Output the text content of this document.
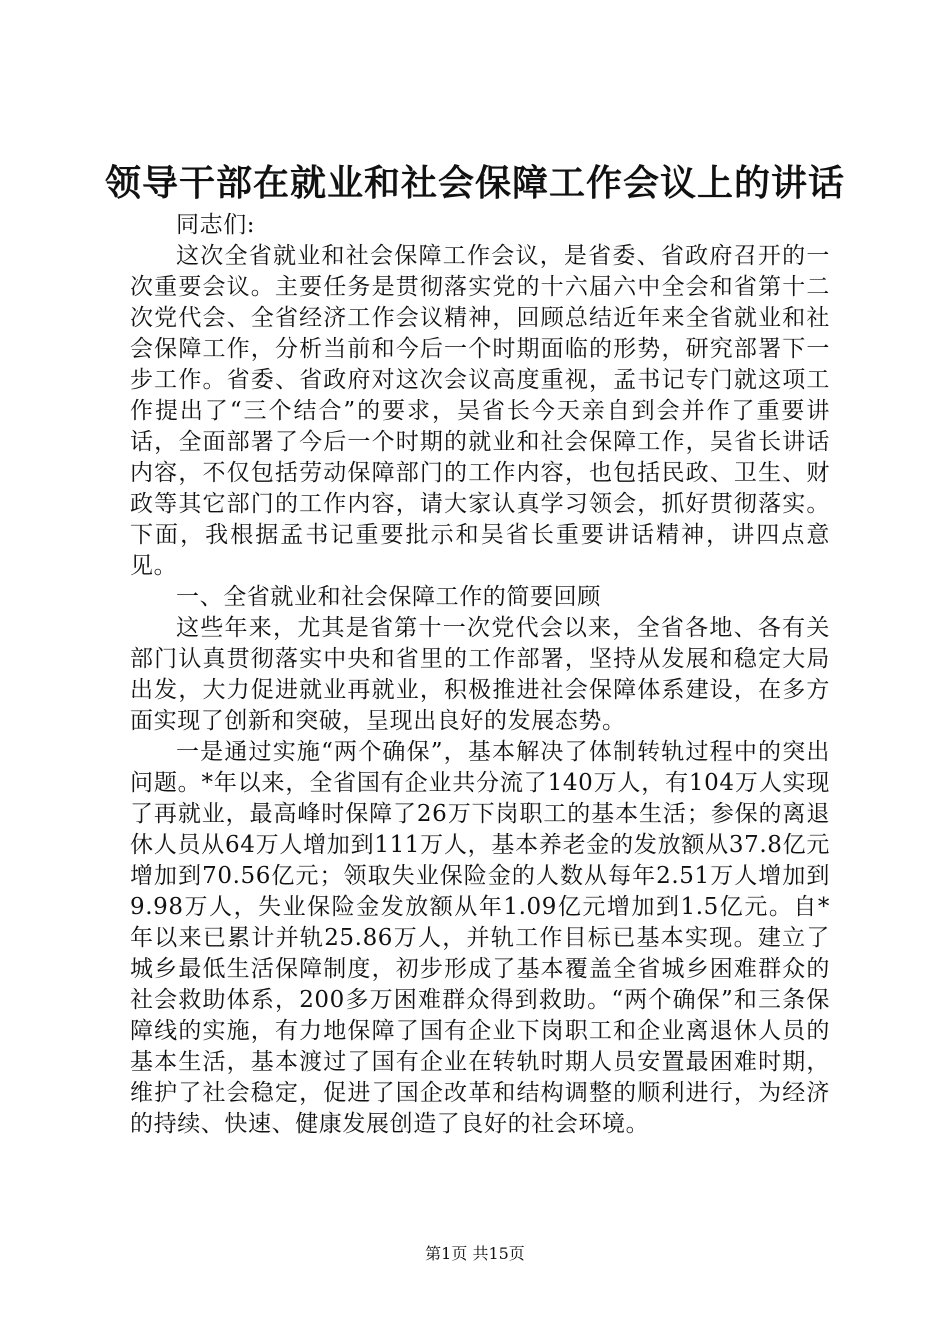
领导干部在就业和社会保障工作会议上的讲话

同志们:

这次全省就业和社会保障工作会议，是省委、省政府召开的一次重要会议。主要任务是贯彻落实党的十六届六中全会和省第十二次党代会、全省经济工作会议精神，回顾总结近年来全省就业和社会保障工作，分析当前和今后一个时期面临的形势，研究部署下一步工作。省委、省政府对这次会议高度重视，孟书记专门就这项工作提出了“三个结合”的要求，吴省长今天亲自到会并作了重要讲话，全面部署了今后一个时期的就业和社会保障工作，吴省长讲话内容，不仅包括劳动保障部门的工作内容，也包括民政、卫生、财政等其它部门的工作内容，请大家认真学习领会，抓好贯彻落实。下面，我根据孟书记重要批示和吴省长重要讲话精神，讲四点意见。

一、全省就业和社会保障工作的简要回顾

这些年来，尤其是省第十一次党代会以来，全省各地、各有关部门认真贯彻落实中央和省里的工作部署，坚持从发展和稳定大局出发，大力促进就业再就业，积极推进社会保障体系建设，在多方面实现了创新和突破，呈现出良好的发展态势。

一是通过实施“两个确保”，基本解决了体制转轨过程中的突出问题。*年以来，全省国有企业共分流了140万人，有104万人实现了再就业，最高峰时保障了26万下岗职工的基本生活；参保的离退休人员从64万人增加到111万人，基本养老金的发放额从37.8亿元增加到70.56亿元；领取失业保险金的人数从每年2.51万人增加到9.98万人，失业保险金发放额从年1.09亿元增加到1.5亿元。自*年以来已累计并轨25.86万人，并轨工作目标已基本实现。建立了城乡最低生活保障制度，初步形成了基本覆盖全省城乡困难群众的社会救助体系，200多万困难群众得到救助。“两个确保”和三条保障线的实施，有力地保障了国有企业下岗职工和企业离退休人员的基本生活，基本渡过了国有企业在转轨时期人员安置最困难时期，维护了社会稳定，促进了国企改革和结构调整的顺利进行，为经济的持续、快速、健康发展创造了良好的社会环境。

第1页 共15页
